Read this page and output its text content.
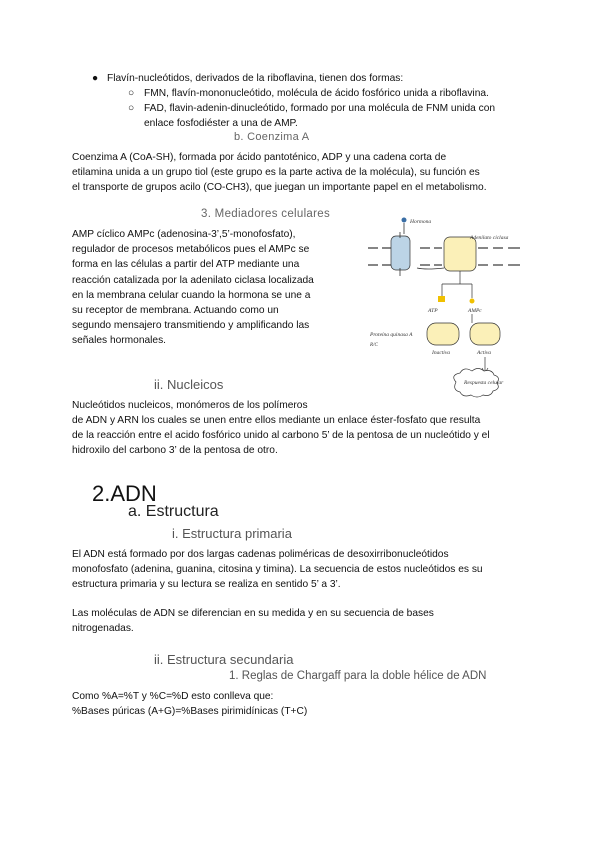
● Flavín-nucleótidos, derivados de la riboflavina, tienen dos formas:
○ FMN, flavín-mononucleótido, molécula de ácido fosfórico unida a riboflavina.
○ FAD, flavin-adenin-dinucleótido, formado por una molécula de FNM unida con
enlace fosfodiéster a una de AMP.
b. Coenzima A
Coenzima A (CoA-SH), formada por ácido pantoténico, ADP y una cadena corta de
etilamina unida a un grupo tiol (este grupo es la parte activa de la molécula), su función es
el transporte de grupos acilo (CO-CH3), que juegan un importante papel en el metabolismo.
3. Mediadores celulares
AMP cíclico AMPc (adenosina-3’,5’-monofosfato),
regulador de procesos metabólicos pues el AMPc se
forma en las células a partir del ATP mediante una
reacción catalizada por la adenilato ciclasa localizada
en la membrana celular cuando la hormona se une a
su receptor de membrana. Actuando como un
segundo mensajero transmitiendo y amplificando las
señales hormonales.
Hormona
Adenilato ciclasa
ATP	AMPc
Proteína quinasa A
R/C
Inactiva	Activa
Respuesta celular
ii. Nucleicos
Nucleótidos nucleicos, monómeros de los polímeros
de ADN y ARN los cuales se unen entre ellos mediante un enlace éster-fosfato que resulta
de la reacción entre el acido fosfórico unido al carbono 5’ de la pentosa de un nucleótido y el
hidroxilo del carbono 3’ de la pentosa de otro.
2.ADN
a. Estructura
i. Estructura primaria
El ADN está formado por dos largas cadenas poliméricas de desoxirribonucleótidos
monofosfato (adenina, guanina, citosina y timina). La secuencia de estos nucleótidos es su
estructura primaria y su lectura se realiza en sentido 5’ a 3’.
Las moléculas de ADN se diferencian en su medida y en su secuencia de bases
nitrogenadas.
ii. Estructura secundaria
1. Reglas de Chargaff para la doble hélice de ADN
Como %A=%T y %C=%D esto conlleva que:
%Bases púricas (A+G)=%Bases pirimidínicas (T+C)
